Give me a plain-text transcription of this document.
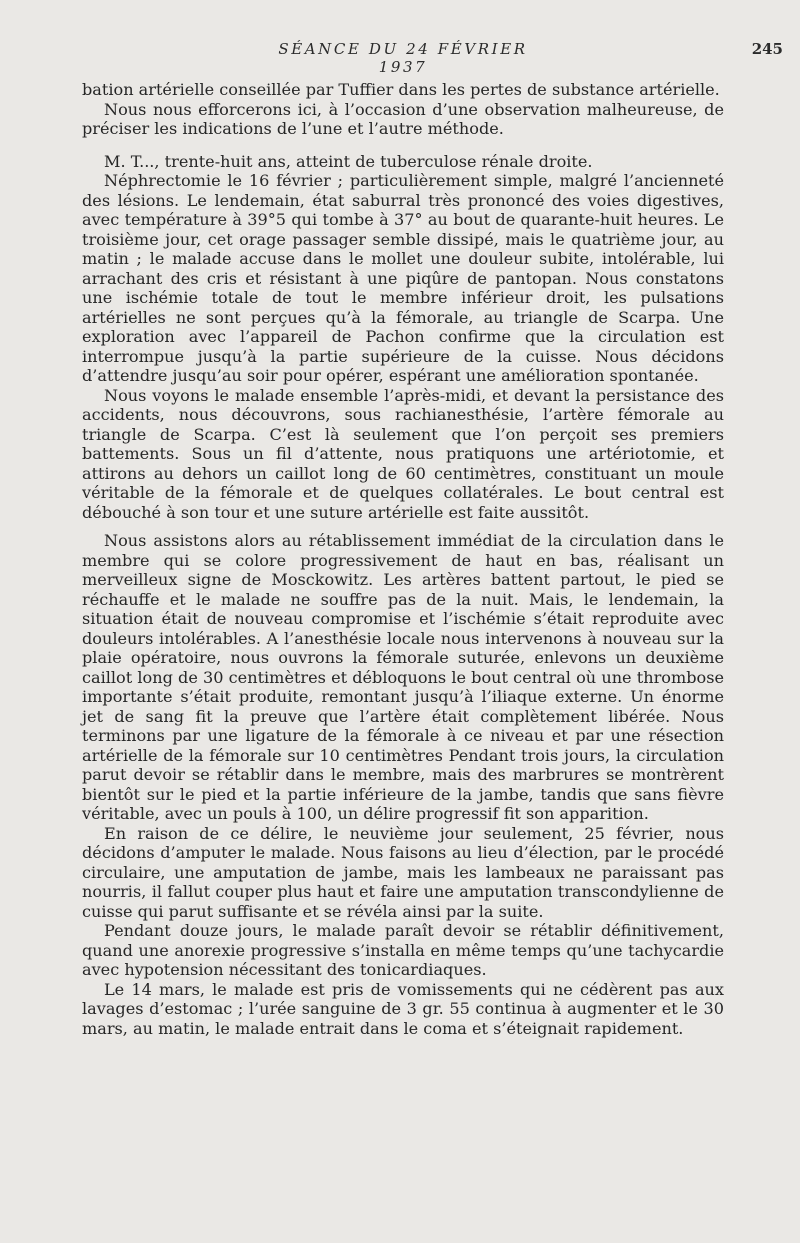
SÉANCE DU 24 FÉVRIER 1937
245

bation artérielle conseillée par Tuffier dans les pertes de substance artérielle.

Nous nous efforcerons ici, à l’occasion d’une observation malheureuse, de préciser les indications de l’une et l’autre méthode.

M. T..., trente-huit ans, atteint de tuberculose rénale droite.

Néphrectomie le 16 février ; particulièrement simple, malgré l’ancienneté des lésions. Le lendemain, état saburral très prononcé des voies digestives, avec température à 39°5 qui tombe à 37° au bout de quarante-huit heures. Le troisième jour, cet orage passager semble dissipé, mais le quatrième jour, au matin ; le malade accuse dans le mollet une douleur subite, intolérable, lui arrachant des cris et résistant à une piqûre de pantopan. Nous constatons une ischémie totale de tout le membre inférieur droit, les pulsations artérielles ne sont perçues qu’à la fémorale, au triangle de Scarpa. Une exploration avec l’appareil de Pachon confirme que la circulation est interrompue jusqu’à la partie supérieure de la cuisse. Nous décidons d’attendre jusqu’au soir pour opérer, espérant une amélioration spontanée.

Nous voyons le malade ensemble l’après-midi, et devant la persistance des accidents, nous découvrons, sous rachianesthésie, l’artère fémorale au triangle de Scarpa. C’est là seulement que l’on perçoit ses premiers battements. Sous un fil d’attente, nous pratiquons une artériotomie, et attirons au dehors un caillot long de 60 centimètres, constituant un moule véritable de la fémorale et de quelques collatérales. Le bout central est débouché à son tour et une suture artérielle est faite aussitôt.

Nous assistons alors au rétablissement immédiat de la circulation dans le membre qui se colore progressivement de haut en bas, réalisant un merveilleux signe de Mosckowitz. Les artères battent partout, le pied se réchauffe et le malade ne souffre pas de la nuit. Mais, le lendemain, la situation était de nouveau compromise et l’ischémie s’était reproduite avec douleurs intolérables. A l’anesthésie locale nous intervenons à nouveau sur la plaie opératoire, nous ouvrons la fémorale suturée, enlevons un deuxième caillot long de 30 centimètres et débloquons le bout central où une thrombose importante s’était produite, remontant jusqu’à l’iliaque externe. Un énorme jet de sang fit la preuve que l’artère était complètement libérée. Nous terminons par une ligature de la fémorale à ce niveau et par une résection artérielle de la fémorale sur 10 centimètres Pendant trois jours, la circulation parut devoir se rétablir dans le membre, mais des marbrures se montrèrent bientôt sur le pied et la partie inférieure de la jambe, tandis que sans fièvre véritable, avec un pouls à 100, un délire progressif fit son apparition.

En raison de ce délire, le neuvième jour seulement, 25 février, nous décidons d’amputer le malade. Nous faisons au lieu d’élection, par le procédé circulaire, une amputation de jambe, mais les lambeaux ne paraissant pas nourris, il fallut couper plus haut et faire une amputation transcondylienne de cuisse qui parut suffisante et se révéla ainsi par la suite.

Pendant douze jours, le malade paraît devoir se rétablir définitivement, quand une anorexie progressive s’installa en même temps qu’une tachycardie avec hypotension nécessitant des tonicardiaques.

Le 14 mars, le malade est pris de vomissements qui ne cédèrent pas aux lavages d’estomac ; l’urée sanguine de 3 gr. 55 continua à augmenter et le 30 mars, au matin, le malade entrait dans le coma et s’éteignait rapidement.
